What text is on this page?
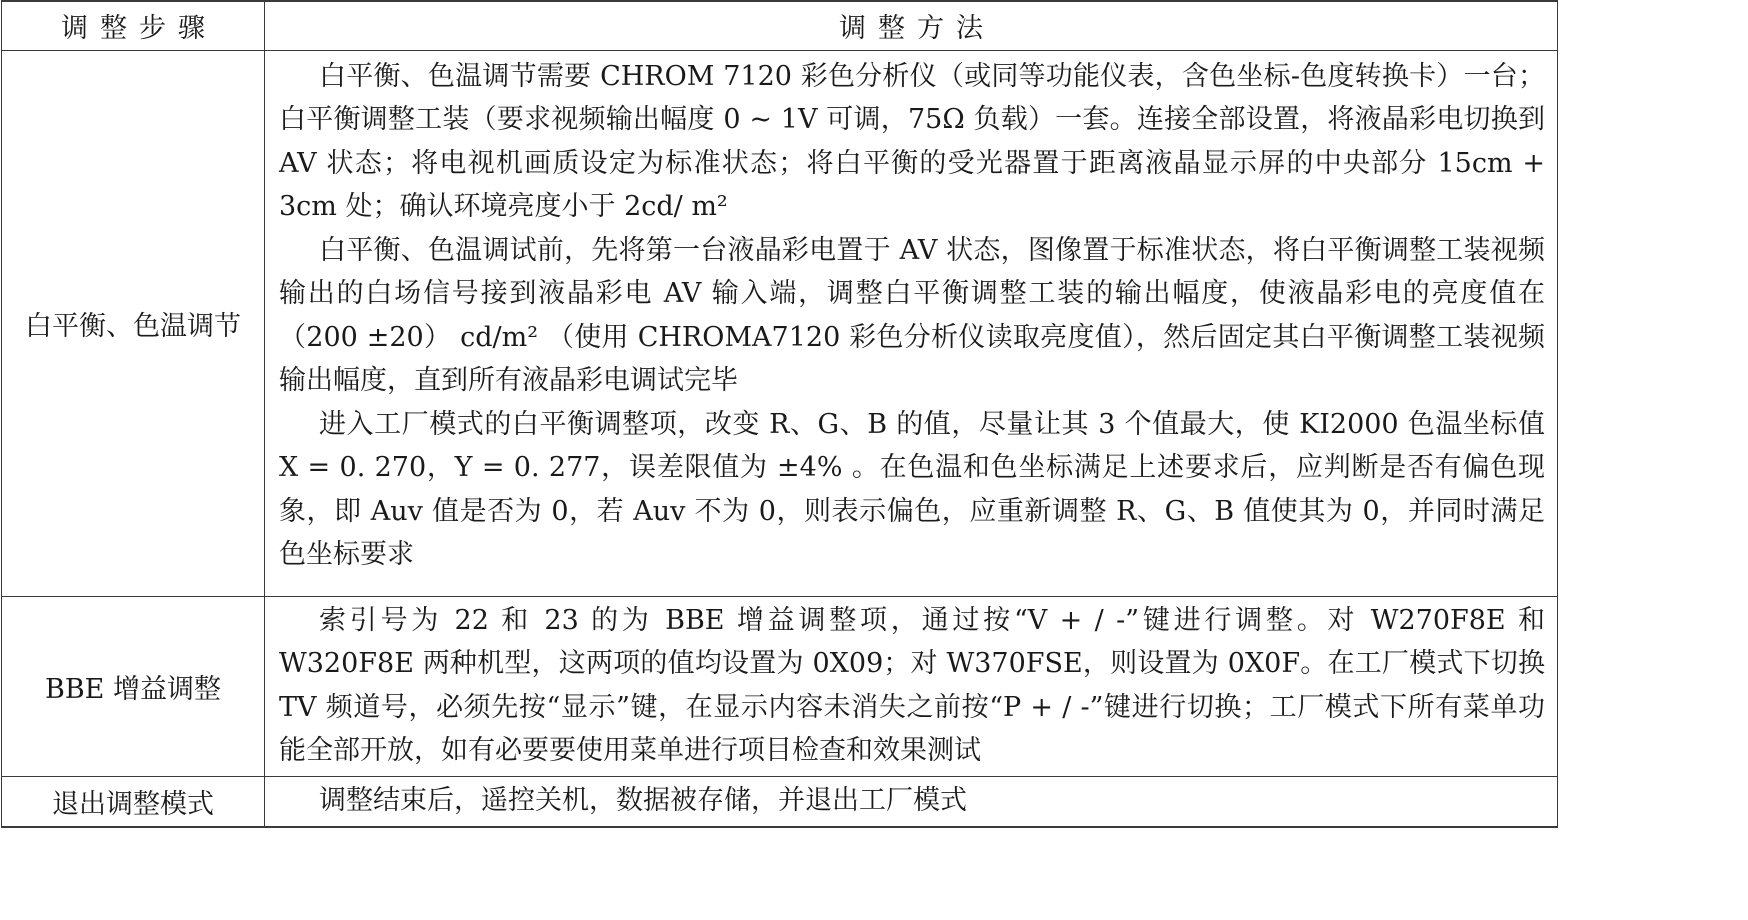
调整步骤	调整方法
白平衡、色温调节	白平衡、色温调节需要 CHROM 7120 彩色分析仪（或同等功能仪表，含色坐标-色度转换卡）一台；白平衡调整工装（要求视频输出幅度 0 ~ 1V 可调，75Ω 负载）一套。连接全部设置，将液晶彩电切换到 AV 状态；将电视机画质设定为标准状态；将白平衡的受光器置于距离液晶显示屏的中央部分 15cm + 3cm 处；确认环境亮度小于 2cd/ m²

白平衡、色温调试前，先将第一台液晶彩电置于 AV 状态，图像置于标准状态，将白平衡调整工装视频输出的白场信号接到液晶彩电 AV 输入端，调整白平衡调整工装的输出幅度，使液晶彩电的亮度值在（200 ±20） cd/m² （使用 CHROMA7120 彩色分析仪读取亮度值），然后固定其白平衡调整工装视频输出幅度，直到所有液晶彩电调试完毕

进入工厂模式的白平衡调整项，改变 R、G、B 的值，尽量让其 3 个值最大，使 KI2000 色温坐标值 X = 0. 270，Y = 0. 277，误差限值为 ±4% 。在色温和色坐标满足上述要求后，应判断是否有偏色现象，即 Auv 值是否为 0，若 Auv 不为 0，则表示偏色，应重新调整 R、G、B 值使其为 0，并同时满足色坐标要求

BBE 增益调整	索引号为 22 和 23 的为 BBE 增益调整项，通过按“V + / -”键进行调整。对 W270F8E 和 W320F8E 两种机型，这两项的值均设置为 0X09；对 W370FSE，则设置为 0X0F。在工厂模式下切换 TV 频道号，必须先按“显示”键，在显示内容未消失之前按“P + / -”键进行切换；工厂模式下所有菜单功能全部开放，如有必要要使用菜单进行项目检查和效果测试

退出调整模式	调整结束后，遥控关机，数据被存储，并退出工厂模式
